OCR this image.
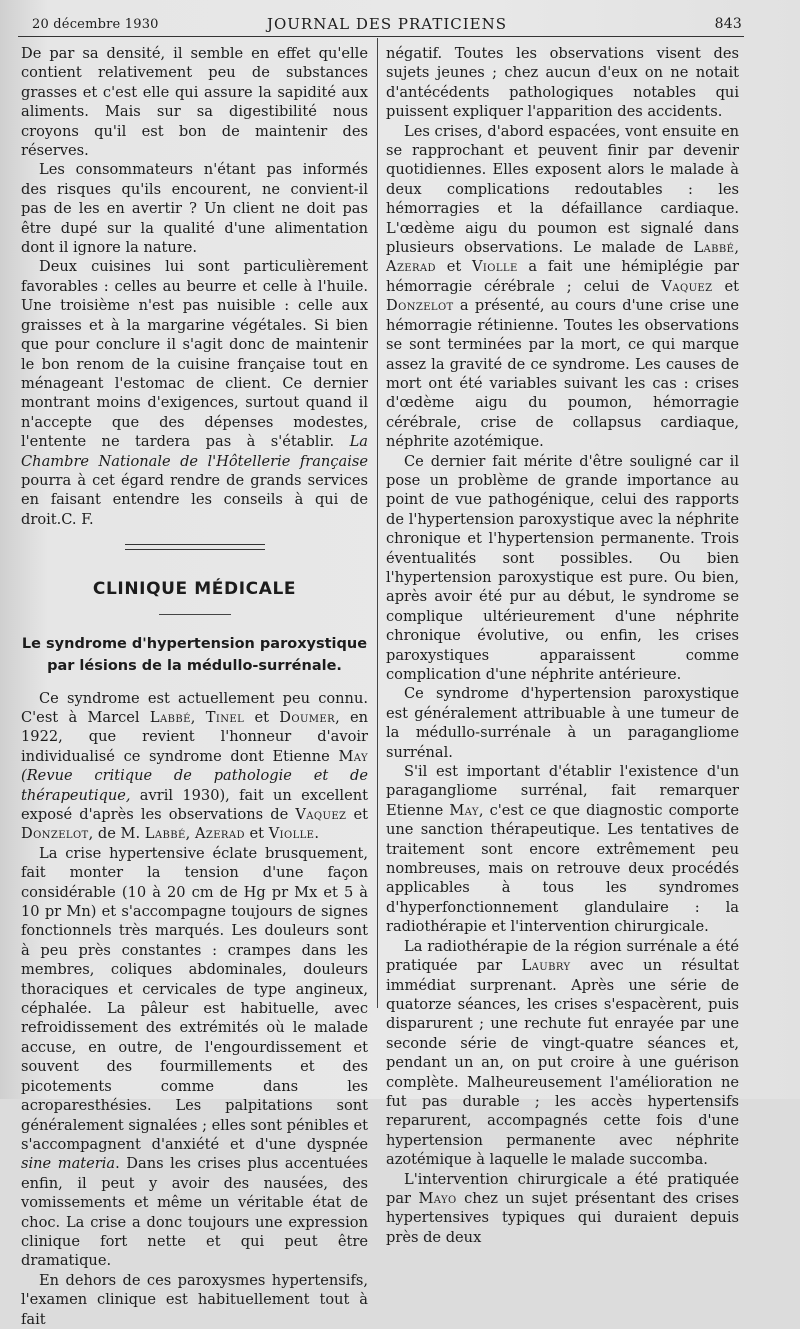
20 décembre 1930	JOURNAL DES PRATICIENS	843

De par sa densité, il semble en effet qu'elle contient relativement peu de substances grasses et c'est elle qui assure la sapidité aux aliments. Mais sur sa digestibilité nous croyons qu'il est bon de maintenir des réserves.

Les consommateurs n'étant pas informés des risques qu'ils encourent, ne convient-il pas de les en avertir ? Un client ne doit pas être dupé sur la qualité d'une alimentation dont il ignore la nature.

Deux cuisines lui sont particulièrement favorables : celles au beurre et celle à l'huile. Une troisième n'est pas nuisible : celle aux graisses et à la margarine végétales. Si bien que pour conclure il s'agit donc de maintenir le bon renom de la cuisine française tout en ménageant l'estomac de client. Ce dernier montrant moins d'exigences, surtout quand il n'accepte que des dépenses modestes, l'entente ne tardera pas à s'établir. La Chambre Nationale de l'Hôtellerie française pourra à cet égard rendre de grands services en faisant entendre les conseils à qui de droit.C. F.

CLINIQUE MÉDICALE
Le syndrome d'hypertension paroxystique
par lésions de la médullo-surrénale.

Ce syndrome est actuellement peu connu. C'est à Marcel Labbé, Tinel et Doumer, en 1922, que revient l'honneur d'avoir individualisé ce syndrome dont Etienne May (Revue critique de pathologie et de thérapeutique, avril 1930), fait un excellent exposé d'après les observations de Vaquez et Donzelot, de M. Labbé, Azerad et Violle.

La crise hypertensive éclate brusquement, fait monter la tension d'une façon considérable (10 à 20 cm de Hg pr Mx et 5 à 10 pr Mn) et s'accompagne toujours de signes fonctionnels très marqués. Les douleurs sont à peu près constantes : crampes dans les membres, coliques abdominales, douleurs thoraciques et cervicales de type angineux, céphalée. La pâleur est habituelle, avec refroidissement des extrémités où le malade accuse, en outre, de l'engourdissement et souvent des fourmillements et des picotements comme dans les acroparesthésies. Les palpitations sont généralement signalées ; elles sont pénibles et s'accompagnent d'anxiété et d'une dyspnée sine materia. Dans les crises plus accentuées enfin, il peut y avoir des nausées, des vomissements et même un véritable état de choc. La crise a donc toujours une expression clinique fort nette et qui peut être dramatique.

En dehors de ces paroxysmes hypertensifs, l'examen clinique est habituellement tout à fait

négatif. Toutes les observations visent des sujets jeunes ; chez aucun d'eux on ne notait d'antécédents pathologiques notables qui puissent expliquer l'apparition des accidents.

Les crises, d'abord espacées, vont ensuite en se rapprochant et peuvent finir par devenir quotidiennes. Elles exposent alors le malade à deux complications redoutables : les hémorragies et la défaillance cardiaque. L'œdème aigu du poumon est signalé dans plusieurs observations. Le malade de Labbé, Azerad et Violle a fait une hémiplégie par hémorragie cérébrale ; celui de Vaquez et Donzelot a présenté, au cours d'une crise une hémorragie rétinienne. Toutes les observations se sont terminées par la mort, ce qui marque assez la gravité de ce syndrome. Les causes de mort ont été variables suivant les cas : crises d'œdème aigu du poumon, hémorragie cérébrale, crise de collapsus cardiaque, néphrite azotémique.

Ce dernier fait mérite d'être souligné car il pose un problème de grande importance au point de vue pathogénique, celui des rapports de l'hypertension paroxystique avec la néphrite chronique et l'hypertension permanente. Trois éventualités sont possibles. Ou bien l'hypertension paroxystique est pure. Ou bien, après avoir été pur au début, le syndrome se complique ultérieurement d'une néphrite chronique évolutive, ou enfin, les crises paroxystiques apparaissent comme complication d'une néphrite antérieure.

Ce syndrome d'hypertension paroxystique est généralement attribuable à une tumeur de la médullo-surrénale à un paragangliome surrénal.

S'il est important d'établir l'existence d'un paragangliome surrénal, fait remarquer Etienne May, c'est ce que diagnostic comporte une sanction thérapeutique. Les tentatives de traitement sont encore extrêmement peu nombreuses, mais on retrouve deux procédés applicables à tous les syndromes d'hyperfonctionnement glandulaire : la radiothérapie et l'intervention chirurgicale.

La radiothérapie de la région surrénale a été pratiquée par Laubry avec un résultat immédiat surprenant. Après une série de quatorze séances, les crises s'espacèrent, puis disparurent ; une rechute fut enrayée par une seconde série de vingt-quatre séances et, pendant un an, on put croire à une guérison complète. Malheureusement l'amélioration ne fut pas durable ; les accès hypertensifs reparurent, accompagnés cette fois d'une hypertension permanente avec néphrite azotémique à laquelle le malade succomba.

L'intervention chirurgicale a été pratiquée par Mayo chez un sujet présentant des crises hypertensives typiques qui duraient depuis près de deux
